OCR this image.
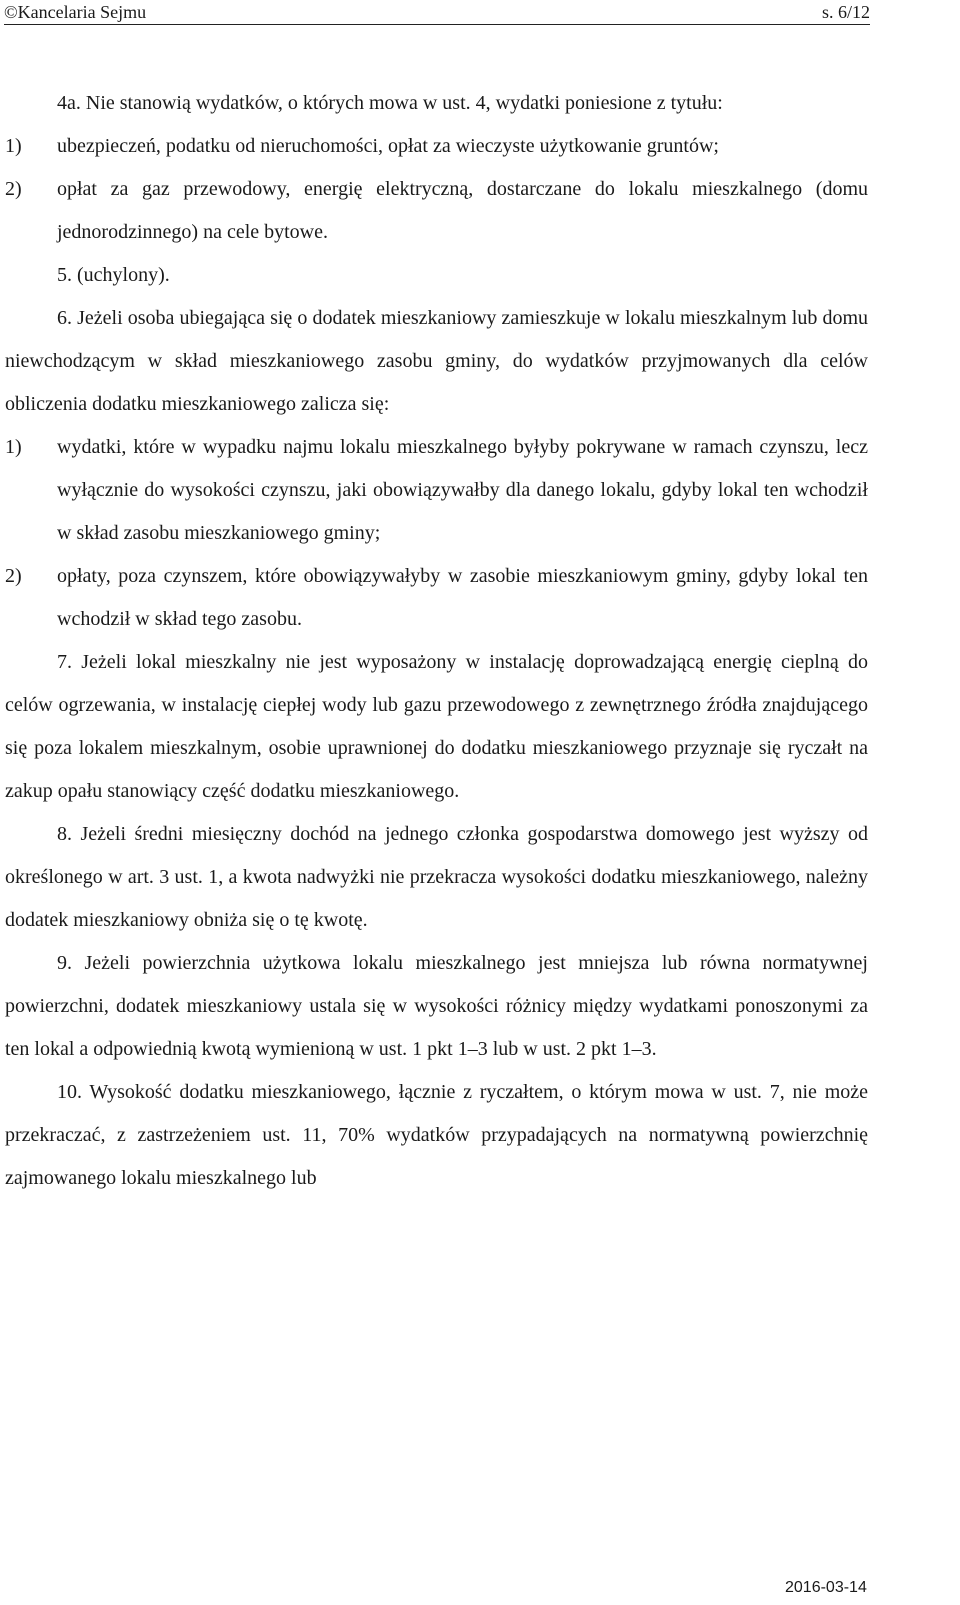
©Kancelaria Sejmu	s. 6/12

4a. Nie stanowią wydatków, o których mowa w ust. 4, wydatki poniesione z tytułu:

1)	ubezpieczeń, podatku od nieruchomości, opłat za wieczyste użytkowanie gruntów;
2)	opłat za gaz przewodowy, energię elektryczną, dostarczane do lokalu mieszkalnego (domu jednorodzinnego) na cele bytowe.

5. (uchylony).

6. Jeżeli osoba ubiegająca się o dodatek mieszkaniowy zamieszkuje w lokalu mieszkalnym lub domu niewchodzącym w skład mieszkaniowego zasobu gminy, do wydatków przyjmowanych dla celów obliczenia dodatku mieszkaniowego zalicza się:

1)	wydatki, które w wypadku najmu lokalu mieszkalnego byłyby pokrywane w ramach czynszu, lecz wyłącznie do wysokości czynszu, jaki obowiązywałby dla danego lokalu, gdyby lokal ten wchodził w skład zasobu mieszkaniowego gminy;
2)	opłaty, poza czynszem, które obowiązywałyby w zasobie mieszkaniowym gminy, gdyby lokal ten wchodził w skład tego zasobu.

7. Jeżeli lokal mieszkalny nie jest wyposażony w instalację doprowadzającą energię cieplną do celów ogrzewania, w instalację ciepłej wody lub gazu przewodowego z zewnętrznego źródła znajdującego się poza lokalem mieszkalnym, osobie uprawnionej do dodatku mieszkaniowego przyznaje się ryczałt na zakup opału stanowiący część dodatku mieszkaniowego.

8. Jeżeli średni miesięczny dochód na jednego członka gospodarstwa domowego jest wyższy od określonego w art. 3 ust. 1, a kwota nadwyżki nie przekracza wysokości dodatku mieszkaniowego, należny dodatek mieszkaniowy obniża się o tę kwotę.

9. Jeżeli powierzchnia użytkowa lokalu mieszkalnego jest mniejsza lub równa normatywnej powierzchni, dodatek mieszkaniowy ustala się w wysokości różnicy między wydatkami ponoszonymi za ten lokal a odpowiednią kwotą wymienioną w ust. 1 pkt 1–3 lub w ust. 2 pkt 1–3.

10. Wysokość dodatku mieszkaniowego, łącznie z ryczałtem, o którym mowa w ust. 7, nie może przekraczać, z zastrzeżeniem ust. 11, 70% wydatków przypadających na normatywną powierzchnię zajmowanego lokalu mieszkalnego lub

2016-03-14
